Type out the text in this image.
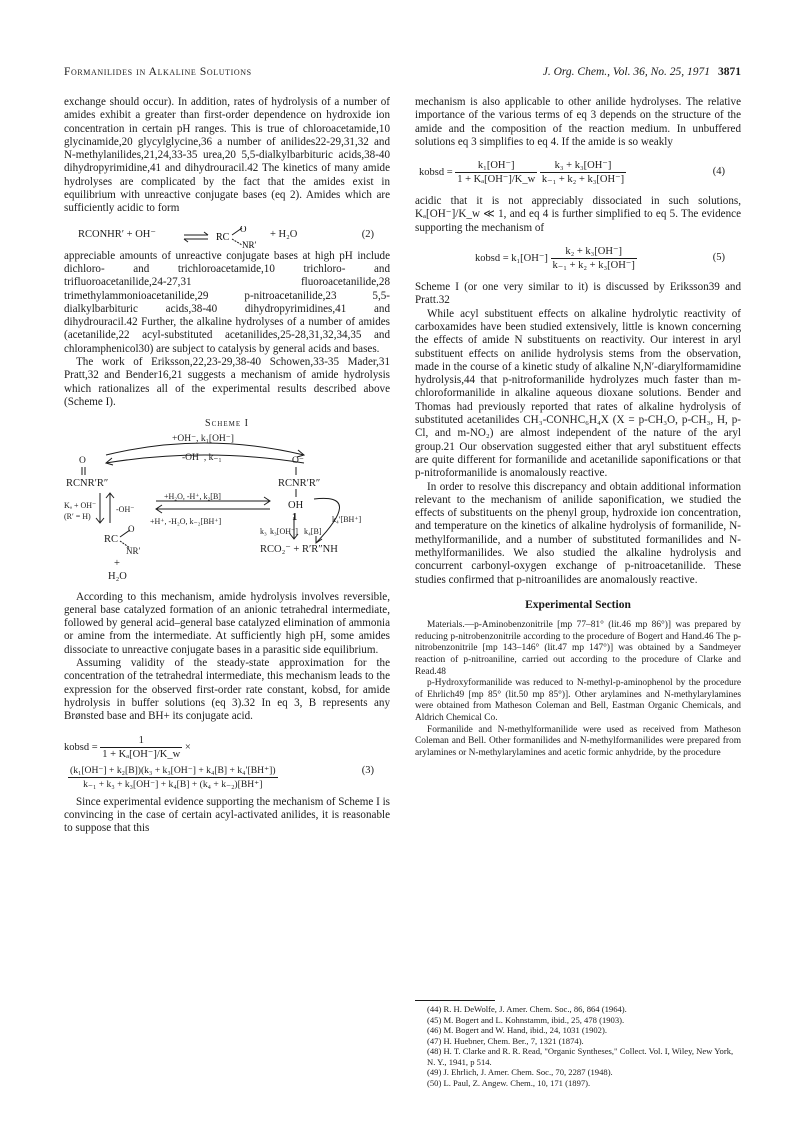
Formanilides in Alkaline Solutions	J. Org. Chem., Vol. 36, No. 25, 1971 3871

exchange should occur). In addition, rates of hydrolysis of a number of amides exhibit a greater than first-order dependence on hydroxide ion concentration in certain pH ranges. This is true of chloroacetamide,10 glycinamide,20 glycylglycine,36 a number of anilides22-29,31,32 and N-methylanilides,21,24,33-35 urea,20 5,5-dialkylbarbituric acids,38-40 dihydropyrimidine,41 and dihydrouracil.42 The kinetics of many amide hydrolyses are complicated by the fact that the amides exist in equilibrium with unreactive conjugate bases (eq 2). Amides which are sufficiently acidic to form

RCONHR′ + OH⁻	RC
O
NR′
+ H₂O	(2)

appreciable amounts of unreactive conjugate bases at high pH include dichloro- and trichloroacetamide,10 trichloro- and trifluoroacetanilide,24-27,31 fluoroacetanilide,28 trimethylammonioacetanilide,29 p-nitroacetanilide,23 5,5-dialkylbarbituric acids,38-40 dihydropyrimidines,41 and dihydrouracil.42 Further, the alkaline hydrolyses of a number of amides (acetanilide,22 acyl-substituted acetanilides,25-28,31,32,34,35 and chloramphenicol30) are subject to catalysis by general acids and bases.

The work of Eriksson,22,23-29,38-40 Schowen,33-35 Mader,31 Pratt,32 and Bender16,21 suggests a mechanism of amide hydrolysis which rationalizes all of the experimental results described above (Scheme I).

Scheme I
+OH⁻, k₁[OH⁻]
-OH⁻, k₋₁
O	O⁻
RCNR′R″	RCNR′R″
Kₐ + OH⁻
(R′ = H)
-OH⁻
+H₂O, -H⁺, k₂[B]
OH
1
+H⁺, -H₂O, k₋₂[BH⁺]
k₃ k₃[OH⁻] k₄[B]
k₄′[BH⁺]
RC
O
NR′	RCO₂⁻ + R′R″NH
+
H₂O

According to this mechanism, amide hydrolysis involves reversible, general base catalyzed formation of an anionic tetrahedral intermediate, followed by general acid–general base catalyzed elimination of ammonia or amine from the intermediate. At sufficiently high pH, some amides dissociate to unreactive conjugate bases in a parasitic side equilibrium.

Assuming validity of the steady-state approximation for the concentration of the tetrahedral intermediate, this mechanism leads to the expression for the observed first-order rate constant, kobsd, for amide hydrolysis in buffer solutions (eq 3).32 In eq 3, B represents any Brønsted base and BH+ its conjugate acid.

kobsd = $\frac{1}{\text{1 + Kₐ[OH⁻]/K\_w}}$ ×
$\frac{\text{(k₁[OH⁻] + k₂[B])(k₃ + k₃[OH⁻] + k₄[B] + k₄′[BH⁺])}}{\text{k₋₁ + k₃ + k₃[OH⁻] + k₄[B] + (k₄ + k₋₂)[BH⁺]}}$	(3)

Since experimental evidence supporting the mechanism of Scheme I is convincing in the case of certain acyl-activated anilides, it is reasonable to suppose that this

mechanism is also applicable to other anilide hydrolyses. The relative importance of the various terms of eq 3 depends on the structure of the amide and the composition of the reaction medium. In unbuffered solutions eq 3 simplifies to eq 4. If the amide is so weakly

kobsd = $\frac{\text{k₁[OH⁻]}}{\text{1 + Kₐ[OH⁻]/K\_w}}$
$\frac{\text{k₃ + k₃[OH⁻]}}{\text{k₋₁ + k₂ + k₃[OH⁻]}}$	(4)

acidic that it is not appreciably dissociated in such solutions, Kₐ[OH⁻]/K_w ≪ 1, and eq 4 is further simplified to eq 5. The evidence supporting the mechanism of

kobsd = $k_1[OH^-] \frac{\text{k₂ + k₃[OH⁻]}}{\text{k₋₁ + k₂ + k₃[OH⁻]}}$	(5)

Scheme I (or one very similar to it) is discussed by Eriksson39 and Pratt.32

While acyl substituent effects on alkaline hydrolytic reactivity of carboxamides have been studied extensively, little is known concerning the effects of amide N substituents on reactivity. Our interest in aryl substituent effects on anilide hydrolysis stems from the observation, made in the course of a kinetic study of alkaline N,N′-diarylformamidine hydrolysis,44 that p-nitroformanilide hydrolyzes much faster than m-chloroformanilide in alkaline aqueous dioxane solutions. Bender and Thomas had previously reported that rates of alkaline hydrolysis of substituted acetanilides CH₃-CONHC₆H₄X (X = p-CH₃O, p-CH₃, H, p-Cl, and m-NO₂) are almost independent of the nature of the aryl group.21 Our observation suggested either that aryl substituent effects are quite different for formanilide and acetanilide saponifications or that p-nitroformanilide is anomalously reactive.

In order to resolve this discrepancy and obtain additional information relevant to the mechanism of anilide saponification, we studied the effects of substituents on the phenyl group, hydroxide ion concentration, and temperature on the kinetics of alkaline hydrolysis of formanilide, N-methylformanilide, and a number of substituted formanilides and N-methylformanilides. We also studied the alkaline hydrolysis and concurrent carbonyl-oxygen exchange of p-nitroacetanilide. These studies confirmed that p-nitroanilides are anomalously reactive.

Experimental Section

Materials.—p-Aminobenzonitrile [mp 77–81° (lit.46 mp 86°)] was prepared by reducing p-nitrobenzonitrile according to the procedure of Bogert and Hand.46 The p-nitrobenzonitrile [mp 143–146° (lit.47 mp 147°)] was obtained by a Sandmeyer reaction of p-nitroaniline, carried out according to the procedure of Clarke and Read.48

p-Hydroxyformanilide was reduced to N-methyl-p-aminophenol by the procedure of Ehrlich49 [mp 85° (lit.50 mp 85°)]. Other arylamines and N-methylarylamines were obtained from Matheson Coleman and Bell, Eastman Organic Chemicals, and Aldrich Chemical Co.

Formanilide and N-methylformanilide were used as received from Matheson Coleman and Bell. Other formanilides and N-methylformanilides were prepared from arylamines or N-methylarylamines and acetic formic anhydride, by the procedure

(44) R. H. DeWolfe, J. Amer. Chem. Soc., 86, 864 (1964).
(45) M. Bogert and L. Kohnstamm, ibid., 25, 478 (1903).
(46) M. Bogert and W. Hand, ibid., 24, 1031 (1902).
(47) H. Huebner, Chem. Ber., 7, 1321 (1874).
(48) H. T. Clarke and R. R. Read, "Organic Syntheses," Collect. Vol. I, Wiley, New York, N. Y., 1941, p 514.
(49) J. Ehrlich, J. Amer. Chem. Soc., 70, 2287 (1948).
(50) L. Paul, Z. Angew. Chem., 10, 171 (1897).
